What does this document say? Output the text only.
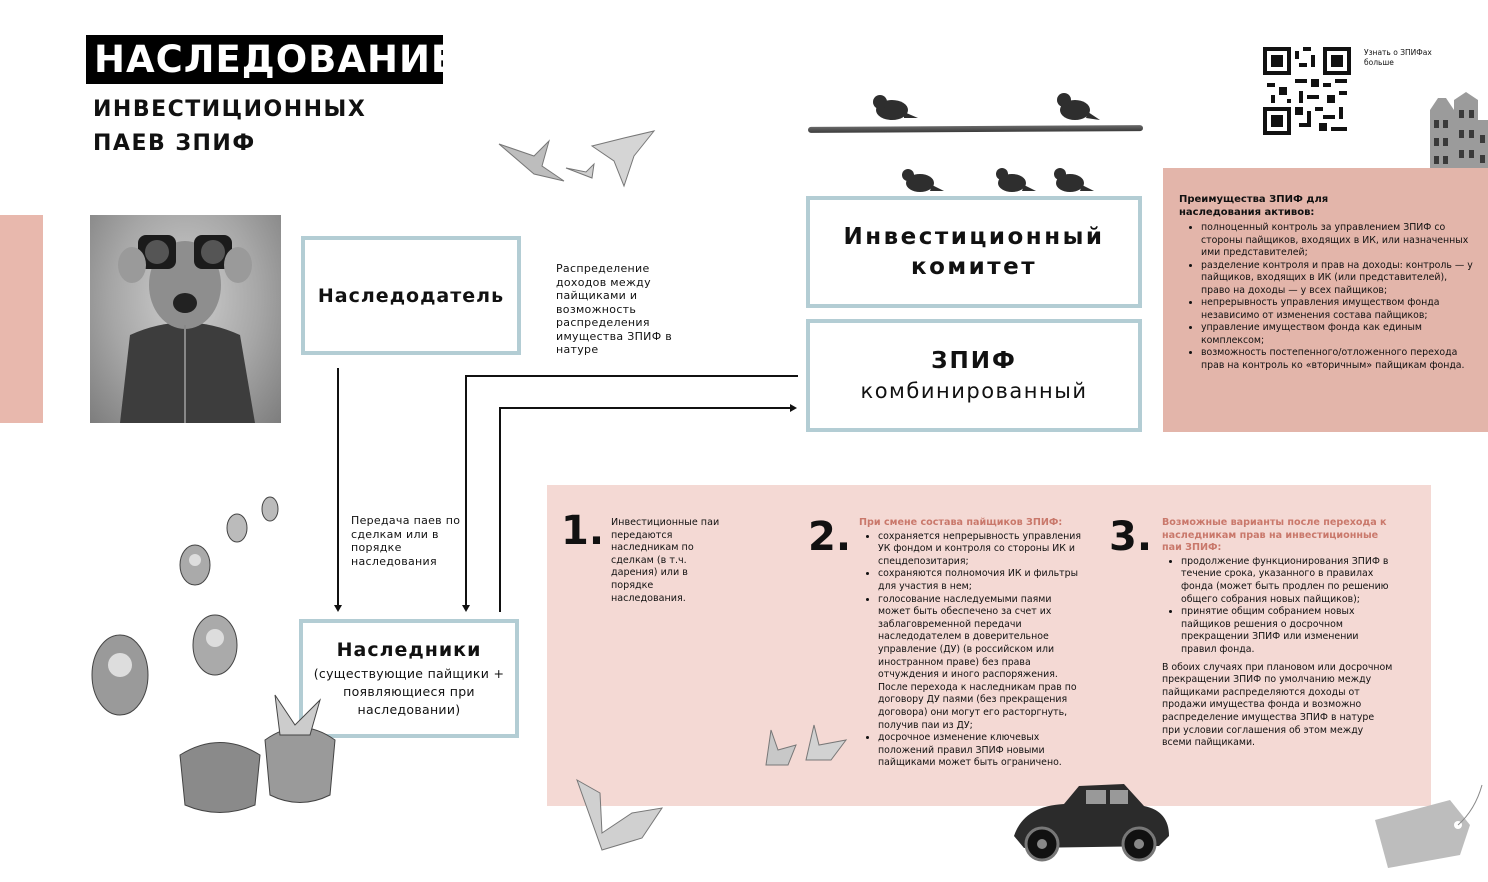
НАСЛЕДОВАНИЕ
ИНВЕСТИЦИОННЫХ
ПАЕВ ЗПИФ
Наследодатель
Наследники
(существующие пайщики + появляющиеся при наследовании)
Инвестиционный
комитет
ЗПИФ
комбинированный
Распределение доходов между пайщиками и возможность распределения имущества ЗПИФ в натуре
Передача паев по сделкам или в порядке наследования
Узнать о ЗПИФах больше
Преимущества ЗПИФ для наследования активов:
• полноценный контроль за управлением ЗПИФ со стороны пайщиков, входящих в ИК, или назначенных ими представителей;
• разделение контроля и прав на доходы: контроль — у пайщиков, входящих в ИК (или представителей), право на доходы — у всех пайщиков;
• непрерывность управления имуществом фонда независимо от изменения состава пайщиков;
• управление имуществом фонда как единым комплексом;
• возможность постепенного/отложенного перехода прав на контроль ко «вторичным» пайщикам фонда.
1. Инвестиционные паи передаются наследникам по сделкам (в т.ч. дарения) или в порядке наследования.
2. При смене состава пайщиков ЗПИФ:
• сохраняется непрерывность управления УК фондом и контроля со стороны ИК и спецдепозитария;
• сохраняются полномочия ИК и фильтры для участия в нем;
• голосование наследуемыми паями может быть обеспечено за счет их заблаговременной передачи наследодателем в доверительное управление (ДУ) (в российском или иностранном праве) без права отчуждения и иного распоряжения. После перехода к наследникам прав по договору ДУ паями (без прекращения договора) они могут его расторгнуть, получив паи из ДУ;
• досрочное изменение ключевых положений правил ЗПИФ новыми пайщиками может быть ограничено.
3. Возможные варианты после перехода к наследникам прав на инвестиционные паи ЗПИФ:
• продолжение функционирования ЗПИФ в течение срока, указанного в правилах фонда (может быть продлен по решению общего собрания новых пайщиков);
• принятие общим собранием новых пайщиков решения о досрочном прекращении ЗПИФ или изменении правил фонда.
В обоих случаях при плановом или досрочном прекращении ЗПИФ по умолчанию между пайщиками распределяются доходы от продажи имущества фонда и возможно распределение имущества ЗПИФ в натуре при условии соглашения об этом между всеми пайщиками.
